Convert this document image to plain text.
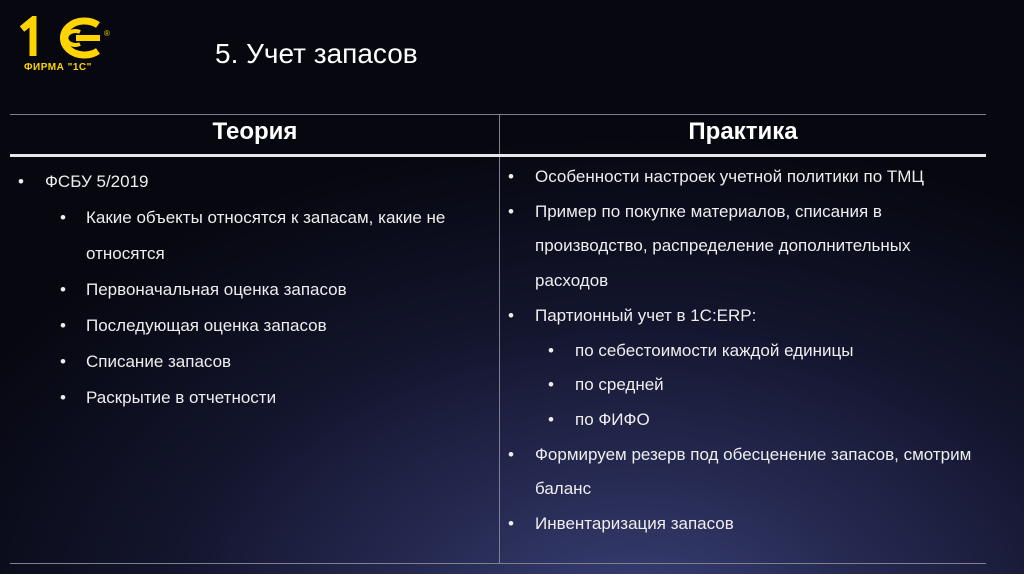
®
ФИРМА "1С"	5. Учет запасов
Теория	Практика
• ФСБУ 5/2019
• Какие объекты относятся к запасам, какие не относятся
• Первоначальная оценка запасов
• Последующая оценка запасов
• Списание запасов
• Раскрытие в отчетности
• Особенности настроек учетной политики по ТМЦ
• Пример по покупке материалов, списания в производство, распределение дополнительных расходов
• Партионный учет в 1С:ERP:
• по себестоимости каждой единицы
• по средней
• по ФИФО
• Формируем резерв под обесценение запасов, смотрим баланс
• Инвентаризация запасов
